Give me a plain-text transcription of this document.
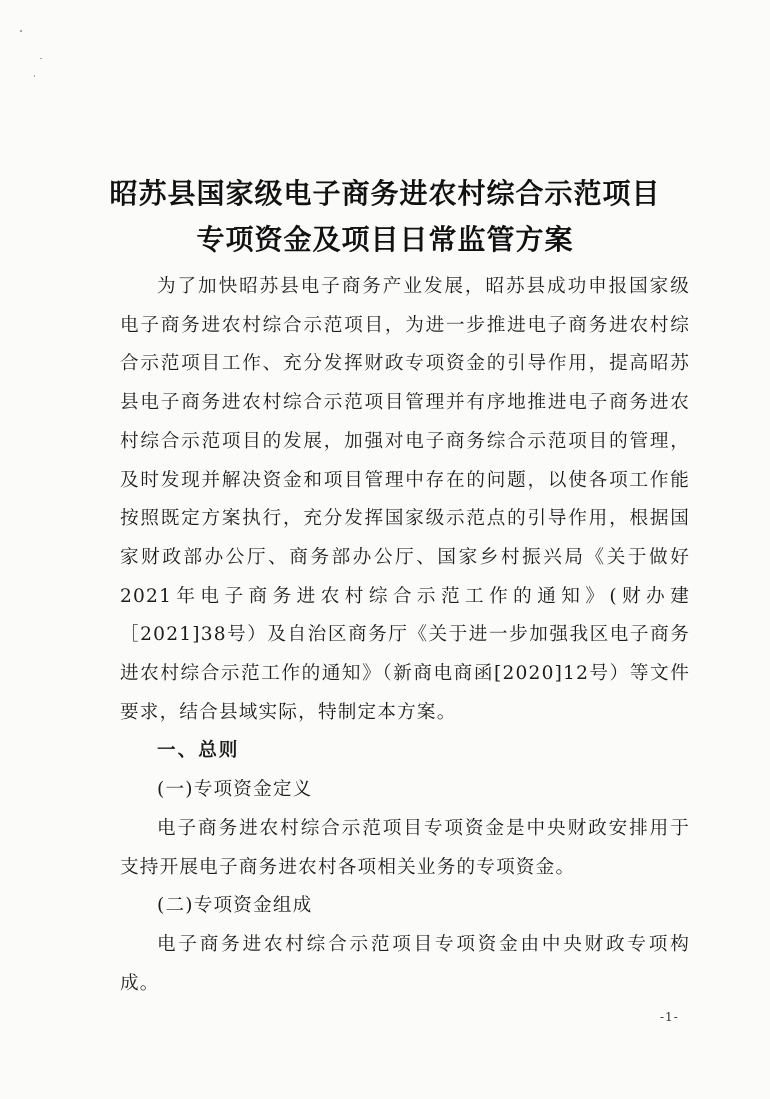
昭苏县国家级电子商务进农村综合示范项目
专项资金及项目日常监管方案

为了加快昭苏县电子商务产业发展，昭苏县成功申报国家级电子商务进农村综合示范项目，为进一步推进电子商务进农村综合示范项目工作、充分发挥财政专项资金的引导作用，提高昭苏县电子商务进农村综合示范项目管理并有序地推进电子商务进农村综合示范项目的发展，加强对电子商务综合示范项目的管理，及时发现并解决资金和项目管理中存在的问题，以使各项工作能按照既定方案执行，充分发挥国家级示范点的引导作用，根据国家财政部办公厅、商务部办公厅、国家乡村振兴局《关于做好2021年电子商务进农村综合示范工作的通知》(财办建［2021]38号）及自治区商务厅《关于进一步加强我区电子商务进农村综合示范工作的通知》（新商电商函[2020]12号）等文件要求，结合县域实际，特制定本方案。

一、总则

(一)专项资金定义

电子商务进农村综合示范项目专项资金是中央财政安排用于支持开展电子商务进农村各项相关业务的专项资金。

(二)专项资金组成

电子商务进农村综合示范项目专项资金由中央财政专项构成。

-1-
